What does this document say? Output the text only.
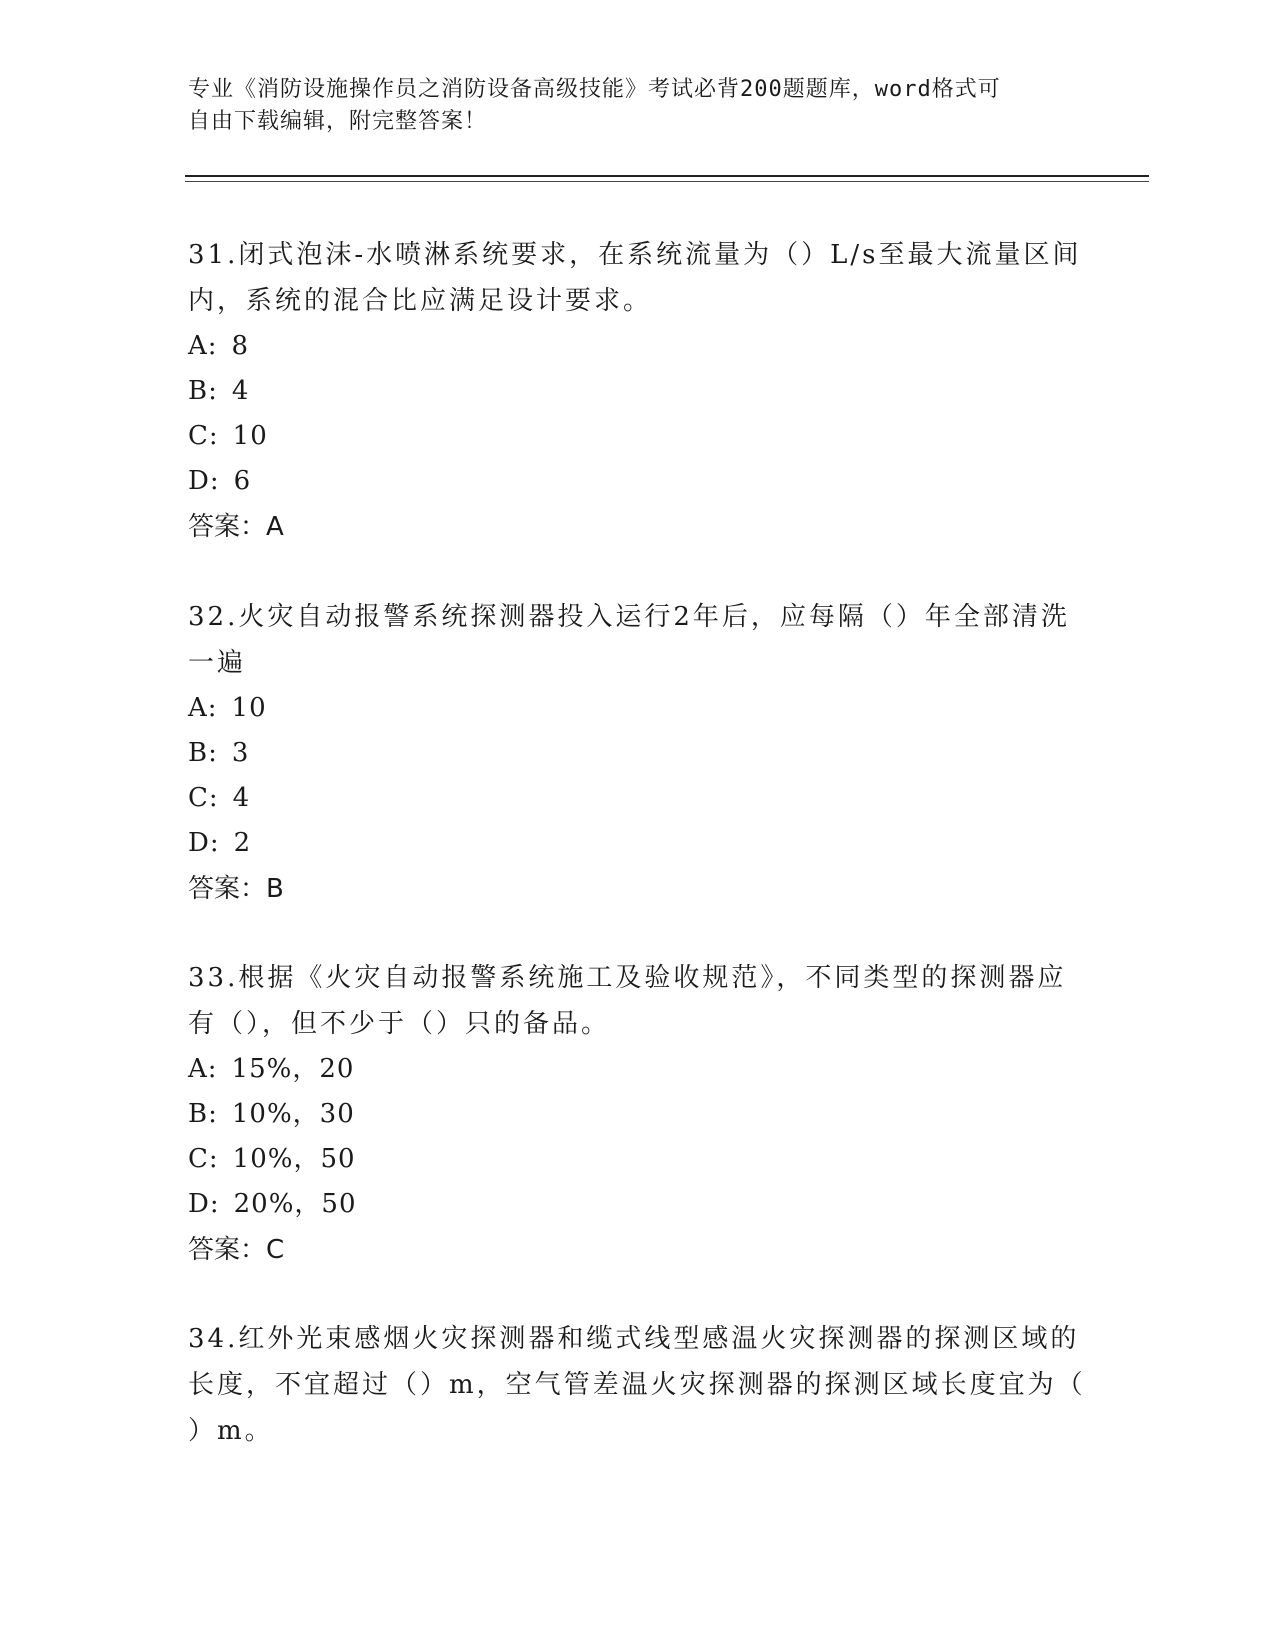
专业《消防设施操作员之消防设备高级技能》考试必背200题题库，word格式可

自由下载编辑，附完整答案！

31.闭式泡沫-水喷淋系统要求，在系统流量为（）L/s至最大流量区间

内，系统的混合比应满足设计要求。

A: 8

B: 4

C: 10

D: 6

答案：A

32.火灾自动报警系统探测器投入运行2年后，应每隔（）年全部清洗

一遍

A: 10

B: 3

C: 4

D: 2

答案：B

33.根据《火灾自动报警系统施工及验收规范》，不同类型的探测器应

有（），但不少于（）只的备品。

A: 15%，20

B: 10%，30

C: 10%，50

D: 20%，50

答案：C

34.红外光束感烟火灾探测器和缆式线型感温火灾探测器的探测区域的

长度，不宜超过（）m，空气管差温火灾探测器的探测区域长度宜为（

）m。
